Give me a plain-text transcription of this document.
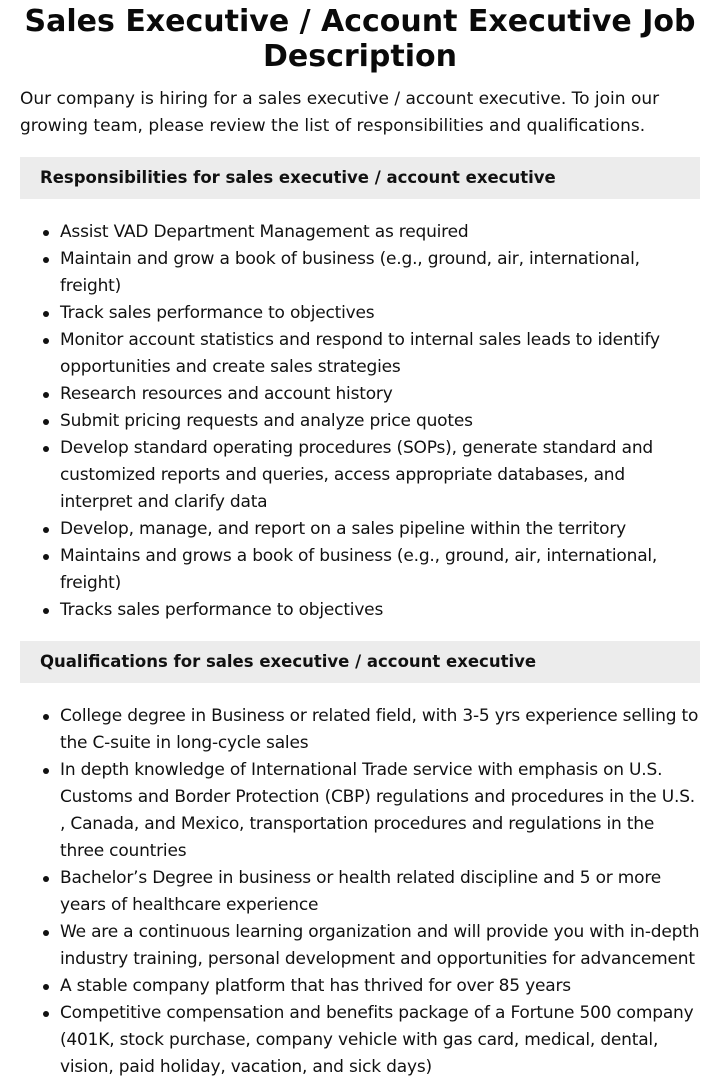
Sales Executive / Account Executive Job Description

Our company is hiring for a sales executive / account executive. To join our growing team, please review the list of responsibilities and qualifications.

Responsibilities for sales executive / account executive
Assist VAD Department Management as required
Maintain and grow a book of business (e.g., ground, air, international, freight)
Track sales performance to objectives
Monitor account statistics and respond to internal sales leads to identify opportunities and create sales strategies
Research resources and account history
Submit pricing requests and analyze price quotes
Develop standard operating procedures (SOPs), generate standard and customized reports and queries, access appropriate databases, and interpret and clarify data
Develop, manage, and report on a sales pipeline within the territory
Maintains and grows a book of business (e.g., ground, air, international, freight)
Tracks sales performance to objectives
Qualifications for sales executive / account executive
College degree in Business or related field, with 3-5 yrs experience selling to the C-suite in long-cycle sales
In depth knowledge of International Trade service with emphasis on U.S. Customs and Border Protection (CBP) regulations and procedures in the U.S. , Canada, and Mexico, transportation procedures and regulations in the three countries
Bachelor’s Degree in business or health related discipline and 5 or more years of healthcare experience
We are a continuous learning organization and will provide you with in-depth industry training, personal development and opportunities for advancement
A stable company platform that has thrived for over 85 years
Competitive compensation and benefits package of a Fortune 500 company (401K, stock purchase, company vehicle with gas card, medical, dental, vision, paid holiday, vacation, and sick days)
